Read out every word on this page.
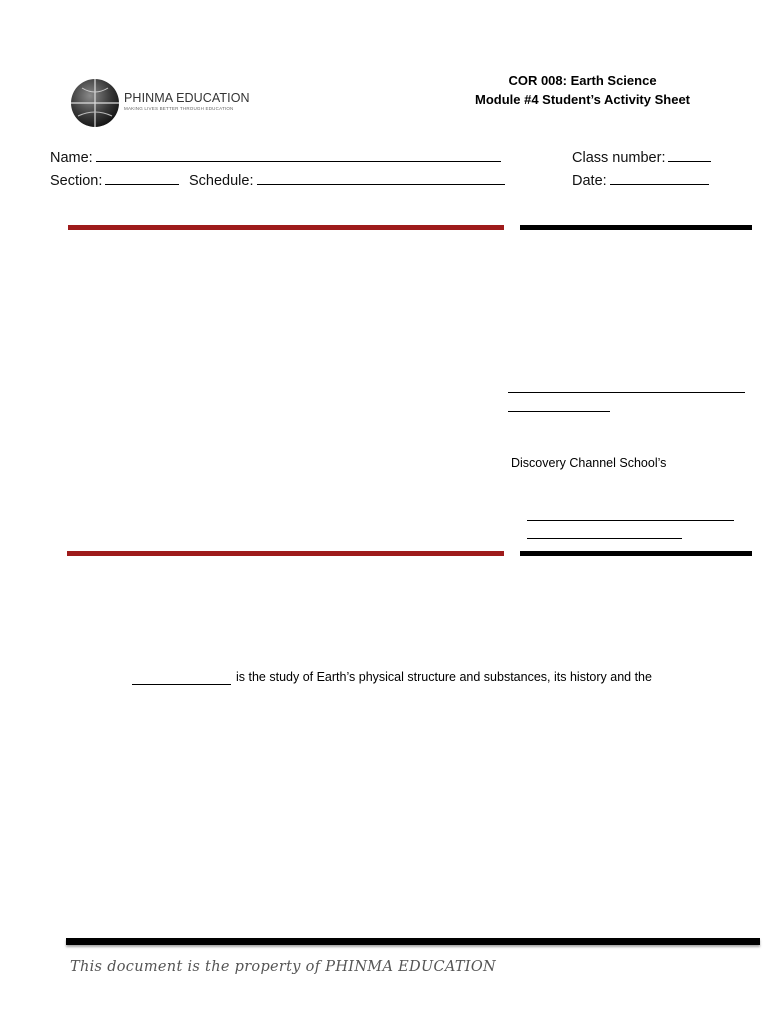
PHINMA EDUCATION
MAKING LIVES BETTER THROUGH EDUCATION
COR 008: Earth Science
Module #4 Student’s Activity Sheet
Name:	Class number:
Section:	Schedule:	Date:
Discovery Channel School’s
is the study of Earth’s physical structure and substances, its history and the
This document is the property of PHINMA EDUCATION
